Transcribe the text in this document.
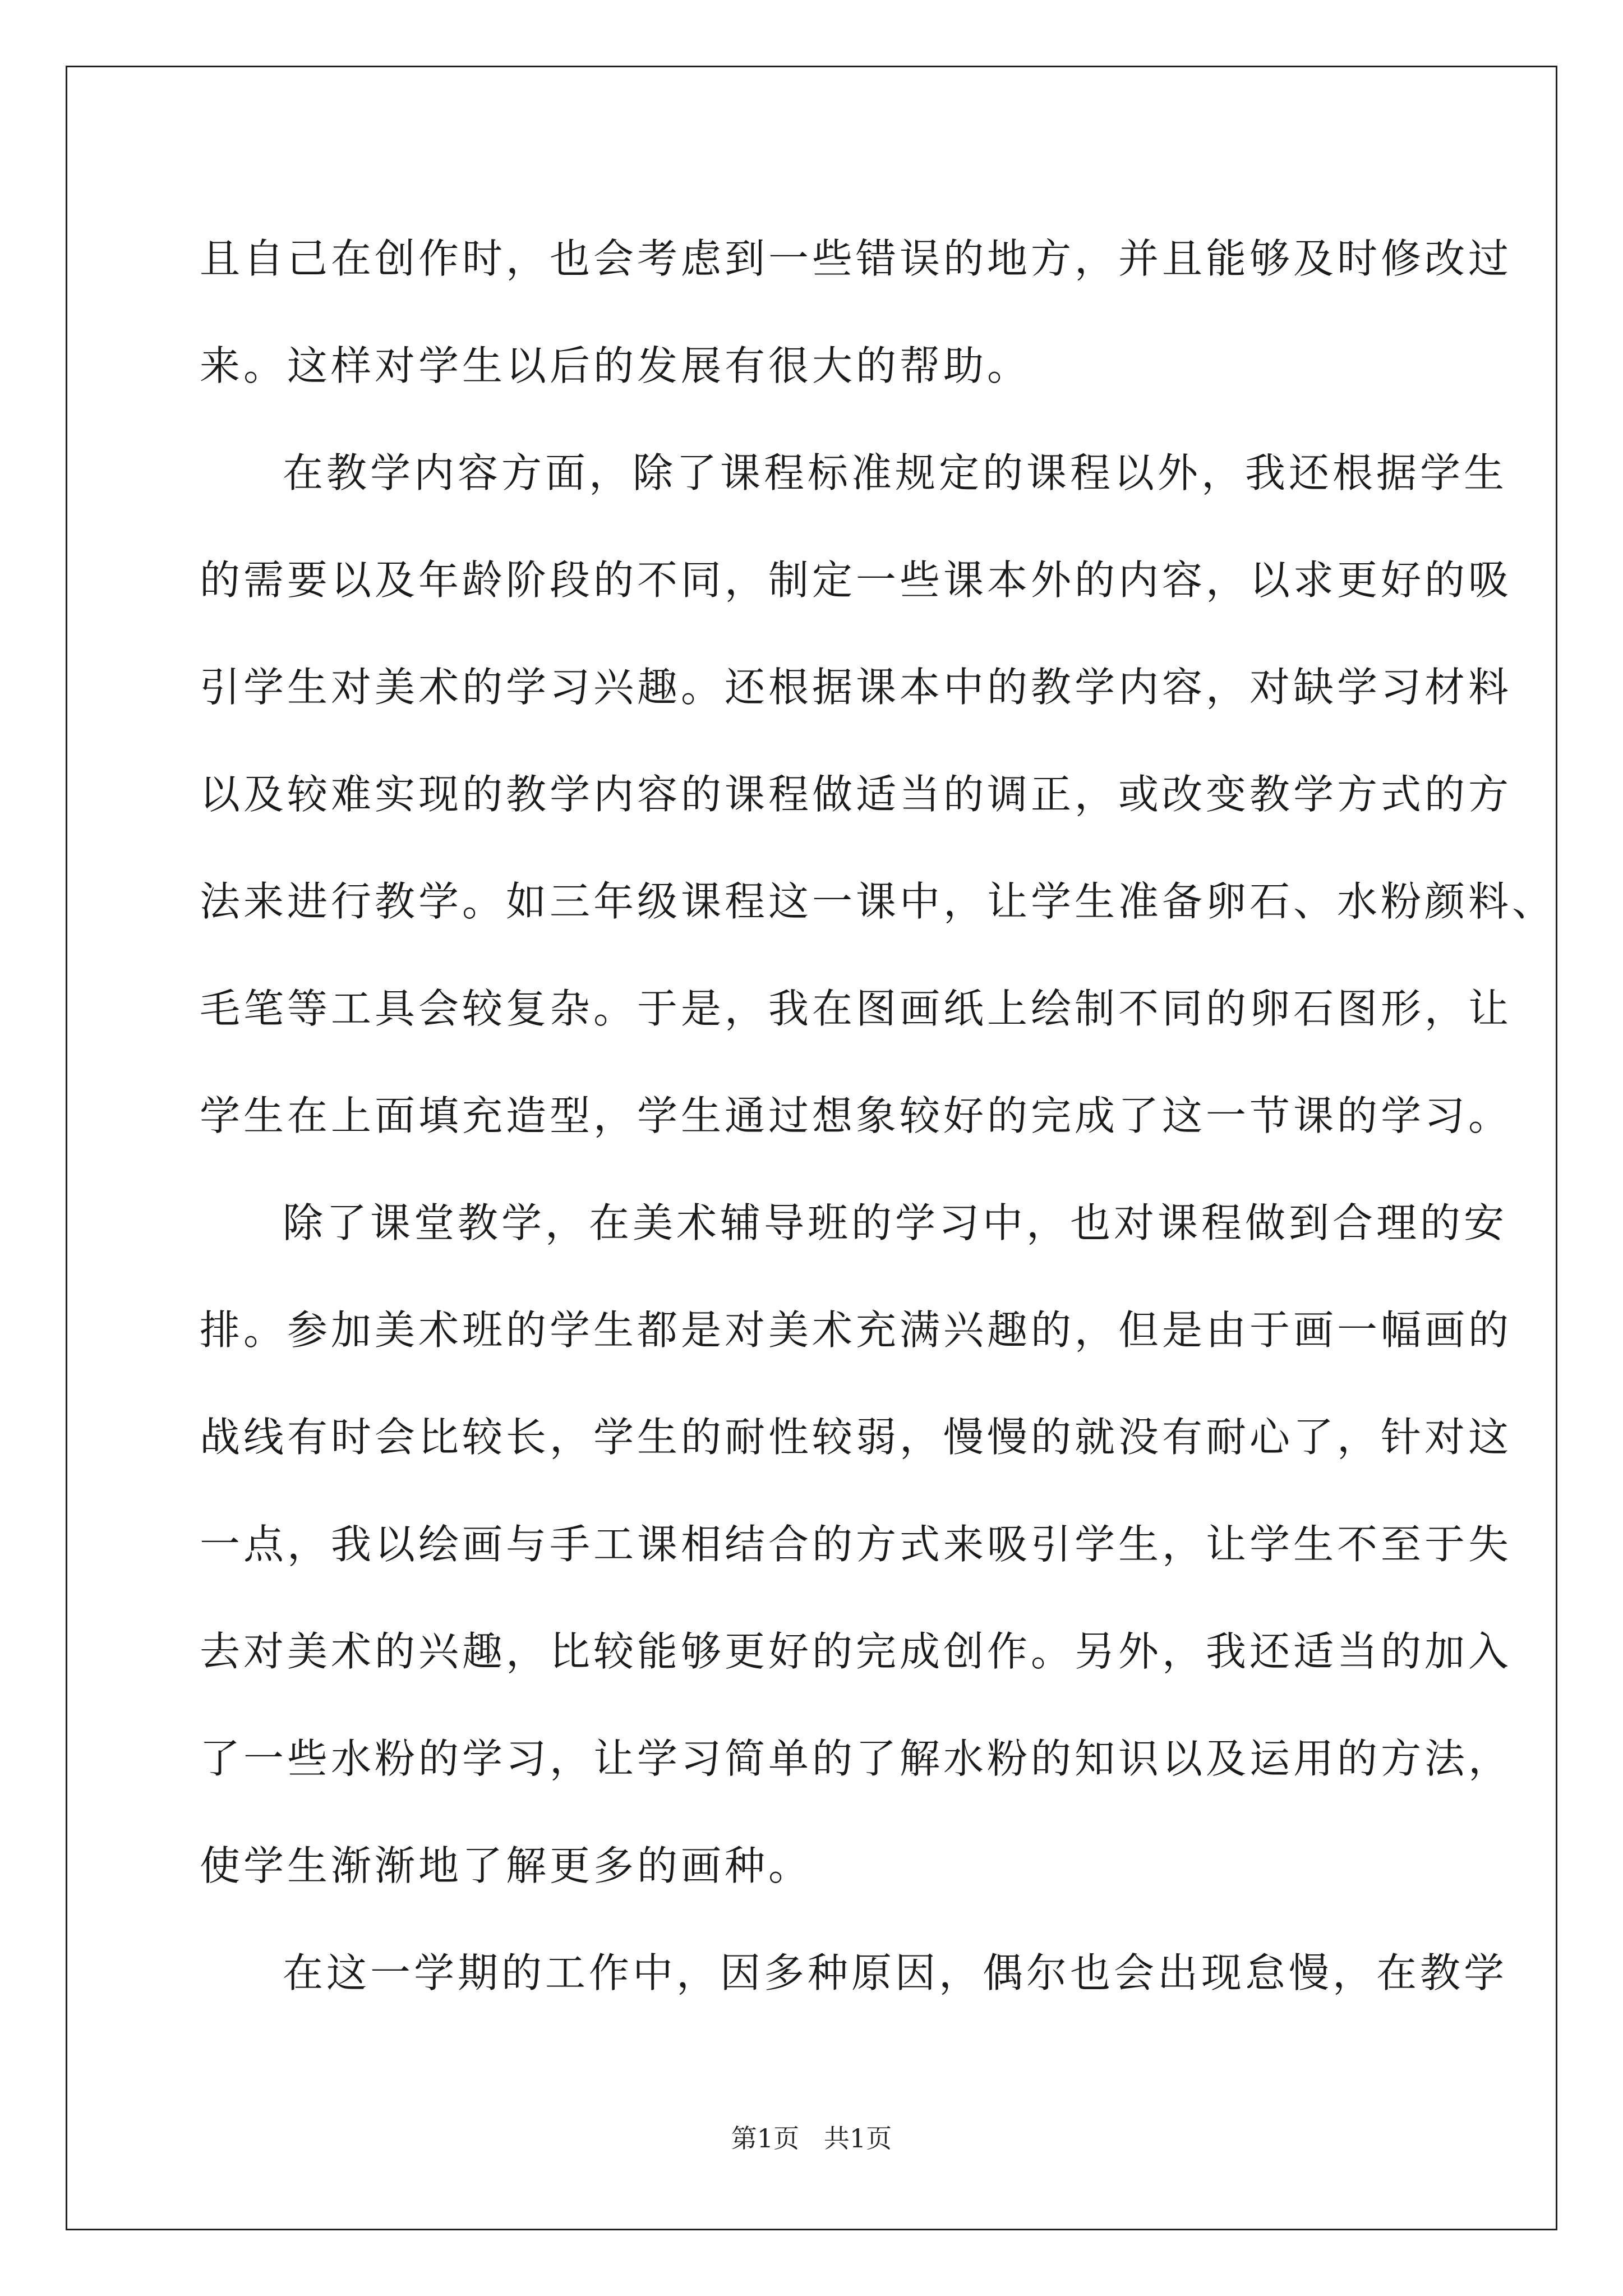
且自己在创作时，也会考虑到一些错误的地方，并且能够及时修改过
来。这样对学生以后的发展有很大的帮助。
在教学内容方面，除了课程标准规定的课程以外，我还根据学生
的需要以及年龄阶段的不同，制定一些课本外的内容，以求更好的吸
引学生对美术的学习兴趣。还根据课本中的教学内容，对缺学习材料
以及较难实现的教学内容的课程做适当的调正，或改变教学方式的方
法来进行教学。如三年级课程这一课中，让学生准备卵石、水粉颜料、
毛笔等工具会较复杂。于是，我在图画纸上绘制不同的卵石图形，让
学生在上面填充造型，学生通过想象较好的完成了这一节课的学习。
除了课堂教学，在美术辅导班的学习中，也对课程做到合理的安
排。参加美术班的学生都是对美术充满兴趣的，但是由于画一幅画的
战线有时会比较长，学生的耐性较弱，慢慢的就没有耐心了，针对这
一点，我以绘画与手工课相结合的方式来吸引学生，让学生不至于失
去对美术的兴趣，比较能够更好的完成创作。另外，我还适当的加入
了一些水粉的学习，让学习简单的了解水粉的知识以及运用的方法，
使学生渐渐地了解更多的画种。
在这一学期的工作中，因多种原因，偶尔也会出现怠慢，在教学
第1页   共1页
